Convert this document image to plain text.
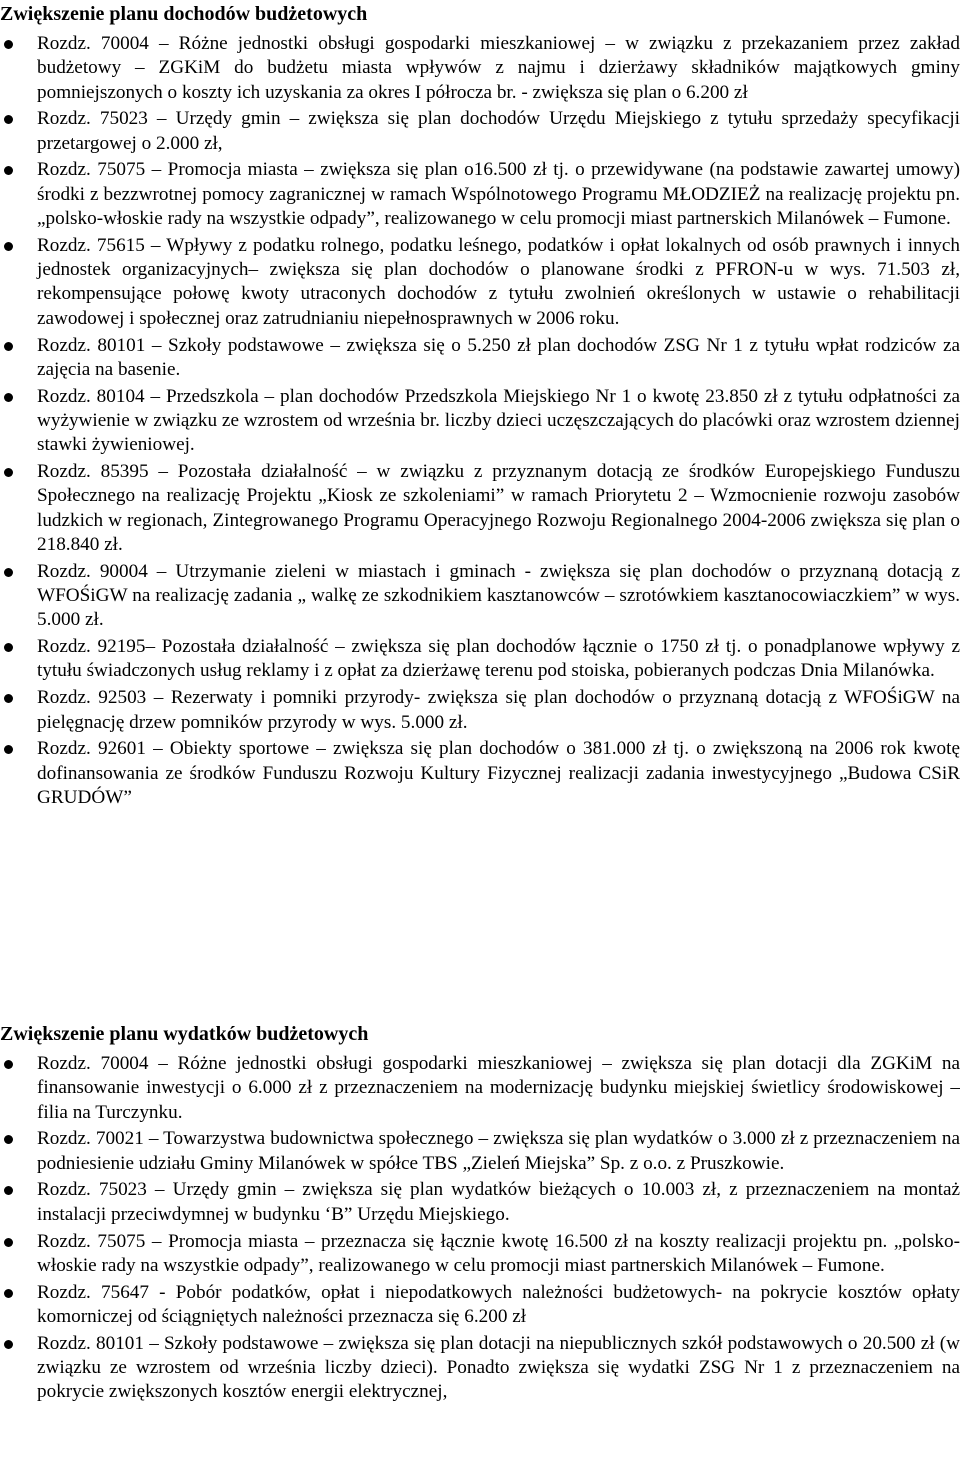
Zwiększenie planu dochodów budżetowych
Rozdz. 70004 – Różne jednostki obsługi gospodarki mieszkaniowej – w związku z przekazaniem przez zakład budżetowy – ZGKiM do budżetu miasta wpływów z najmu i dzierżawy składników majątkowych gminy pomniejszonych o koszty ich uzyskania za okres I półrocza br. - zwiększa się plan o 6.200 zł
Rozdz. 75023 – Urzędy gmin – zwiększa się plan dochodów Urzędu Miejskiego z tytułu sprzedaży specyfikacji przetargowej o 2.000 zł,
Rozdz. 75075 – Promocja miasta – zwiększa się plan o16.500 zł tj. o przewidywane (na podstawie zawartej umowy) środki z bezzwrotnej pomocy zagranicznej w ramach Wspólnotowego Programu MŁODZIEŻ na realizację projektu pn. „polsko-włoskie rady na wszystkie odpady”, realizowanego w celu promocji miast partnerskich Milanówek – Fumone.
Rozdz. 75615 – Wpływy z podatku rolnego, podatku leśnego, podatków i opłat lokalnych od osób prawnych i innych jednostek organizacyjnych– zwiększa się plan dochodów o planowane środki z PFRON-u w wys. 71.503 zł, rekompensujące połowę kwoty utraconych dochodów z tytułu zwolnień określonych w ustawie o rehabilitacji zawodowej i społecznej oraz zatrudnianiu niepełnosprawnych w 2006 roku.
Rozdz. 80101 – Szkoły podstawowe – zwiększa się o 5.250 zł plan dochodów ZSG Nr 1 z tytułu wpłat rodziców za zajęcia na basenie.
Rozdz. 80104 – Przedszkola – plan dochodów Przedszkola Miejskiego Nr 1 o kwotę 23.850 zł z tytułu odpłatności za wyżywienie w związku ze wzrostem od września br. liczby dzieci uczęszczających do placówki oraz wzrostem dziennej stawki żywieniowej.
Rozdz. 85395 – Pozostała działalność – w związku z przyznanym dotacją ze środków Europejskiego Funduszu Społecznego na realizację Projektu „Kiosk ze szkoleniami” w ramach Priorytetu 2 – Wzmocnienie rozwoju zasobów ludzkich w regionach, Zintegrowanego Programu Operacyjnego Rozwoju Regionalnego 2004-2006 zwiększa się plan o 218.840 zł.
Rozdz. 90004 – Utrzymanie zieleni w miastach i gminach - zwiększa się plan dochodów o przyznaną dotacją z WFOŚiGW na realizację zadania „ walkę ze szkodnikiem kasztanowców – szrotówkiem kasztanocowiaczkiem” w wys. 5.000 zł.
Rozdz. 92195– Pozostała działalność – zwiększa się plan dochodów łącznie o 1750 zł tj. o ponadplanowe wpływy z tytułu świadczonych usług reklamy i z opłat za dzierżawę terenu pod stoiska, pobieranych podczas Dnia Milanówka.
Rozdz. 92503 – Rezerwaty i pomniki przyrody- zwiększa się plan dochodów o przyznaną dotacją z WFOŚiGW na pielęgnację drzew pomników przyrody w wys. 5.000 zł.
Rozdz. 92601 – Obiekty sportowe – zwiększa się plan dochodów o 381.000 zł tj. o zwiększoną na 2006 rok kwotę dofinansowania ze środków Funduszu Rozwoju Kultury Fizycznej realizacji zadania inwestycyjnego „Budowa CSiR GRUDÓW”
Zwiększenie planu wydatków budżetowych
Rozdz. 70004 – Różne jednostki obsługi gospodarki mieszkaniowej – zwiększa się plan dotacji dla ZGKiM na finansowanie inwestycji o 6.000 zł z przeznaczeniem na modernizację budynku miejskiej świetlicy środowiskowej – filia na Turczynku.
Rozdz. 70021 – Towarzystwa budownictwa społecznego – zwiększa się plan wydatków o 3.000 zł z przeznaczeniem na podniesienie udziału Gminy Milanówek w spółce TBS „Zieleń Miejska” Sp. z o.o. z Pruszkowie.
Rozdz. 75023 – Urzędy gmin – zwiększa się plan wydatków bieżących o 10.003 zł, z przeznaczeniem na montaż instalacji przeciwdymnej w budynku ‘B” Urzędu Miejskiego.
Rozdz. 75075 – Promocja miasta – przeznacza się łącznie kwotę 16.500 zł na koszty realizacji projektu pn. „polsko-włoskie rady na wszystkie odpady”, realizowanego w celu promocji miast partnerskich Milanówek – Fumone.
Rozdz. 75647 - Pobór podatków, opłat i niepodatkowych należności budżetowych- na pokrycie kosztów opłaty komorniczej od ściągniętych należności przeznacza się 6.200 zł
Rozdz. 80101 – Szkoły podstawowe – zwiększa się plan dotacji na niepublicznych szkół podstawowych o 20.500 zł (w związku ze wzrostem od września liczby dzieci). Ponadto zwiększa się wydatki ZSG Nr 1 z przeznaczeniem na pokrycie zwiększonych kosztów energii elektrycznej,
